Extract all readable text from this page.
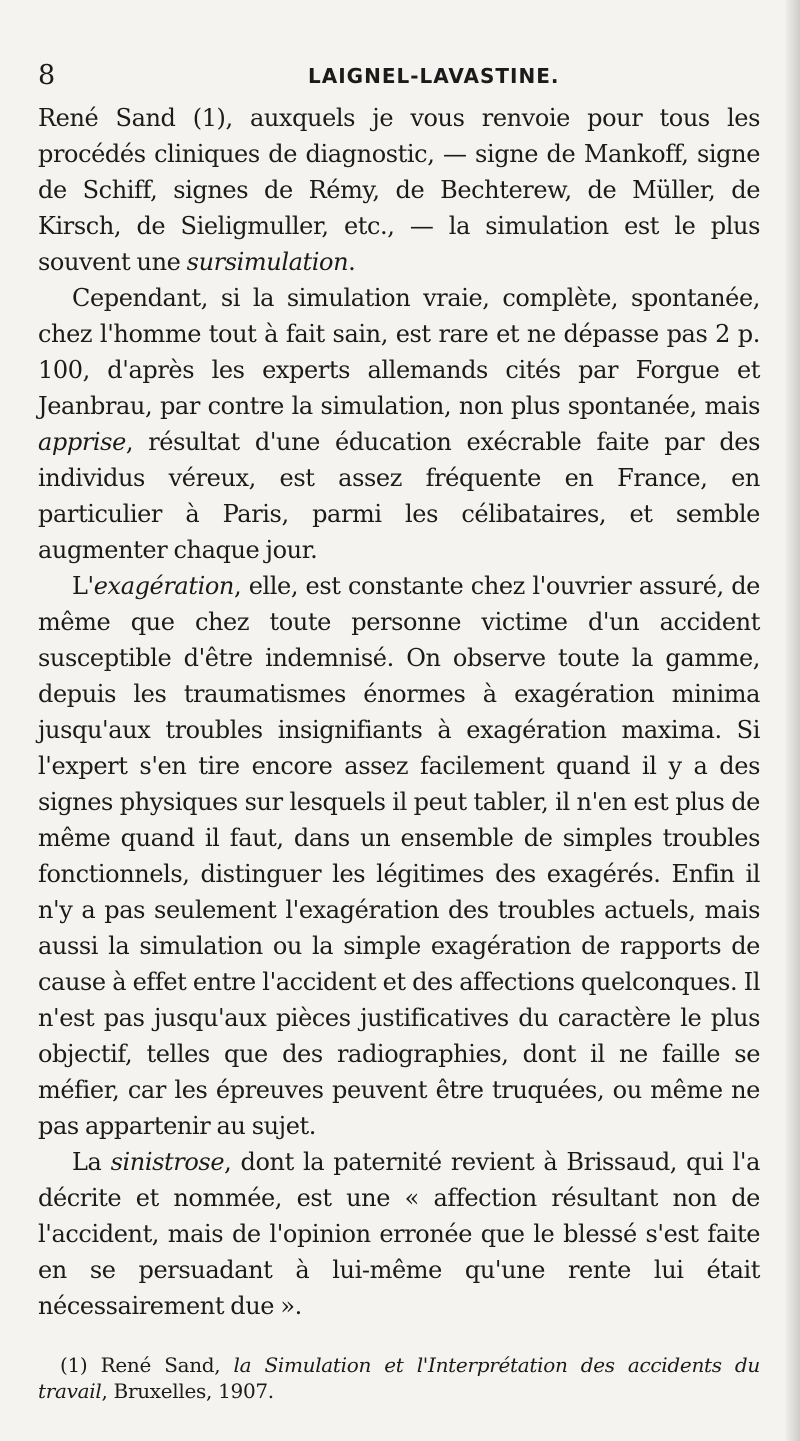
8	LAIGNEL-LAVASTINE.

René Sand (1), auxquels je vous renvoie pour tous les procédés cliniques de diagnostic, — signe de Mankoff, signe de Schiff, signes de Rémy, de Bechterew, de Müller, de Kirsch, de Sieligmuller, etc., — la simulation est le plus souvent une sursimulation.

Cependant, si la simulation vraie, complète, spontanée, chez l'homme tout à fait sain, est rare et ne dépasse pas 2 p. 100, d'après les experts allemands cités par Forgue et Jeanbrau, par contre la simulation, non plus spontanée, mais apprise, résultat d'une éducation exécrable faite par des individus véreux, est assez fréquente en France, en particulier à Paris, parmi les célibataires, et semble augmenter chaque jour.

L'exagération, elle, est constante chez l'ouvrier assuré, de même que chez toute personne victime d'un accident susceptible d'être indemnisé. On observe toute la gamme, depuis les traumatismes énormes à exagération minima jusqu'aux troubles insignifiants à exagération maxima. Si l'expert s'en tire encore assez facilement quand il y a des signes physiques sur lesquels il peut tabler, il n'en est plus de même quand il faut, dans un ensemble de simples troubles fonctionnels, distinguer les légitimes des exagérés. Enfin il n'y a pas seulement l'exagération des troubles actuels, mais aussi la simulation ou la simple exagération de rapports de cause à effet entre l'accident et des affections quelconques. Il n'est pas jusqu'aux pièces justificatives du caractère le plus objectif, telles que des radiographies, dont il ne faille se méfier, car les épreuves peuvent être truquées, ou même ne pas appartenir au sujet.

La sinistrose, dont la paternité revient à Brissaud, qui l'a décrite et nommée, est une « affection résultant non de l'accident, mais de l'opinion erronée que le blessé s'est faite en se persuadant à lui-même qu'une rente lui était nécessairement due ».

(1) René Sand, la Simulation et l'Interprétation des accidents du travail, Bruxelles, 1907.
